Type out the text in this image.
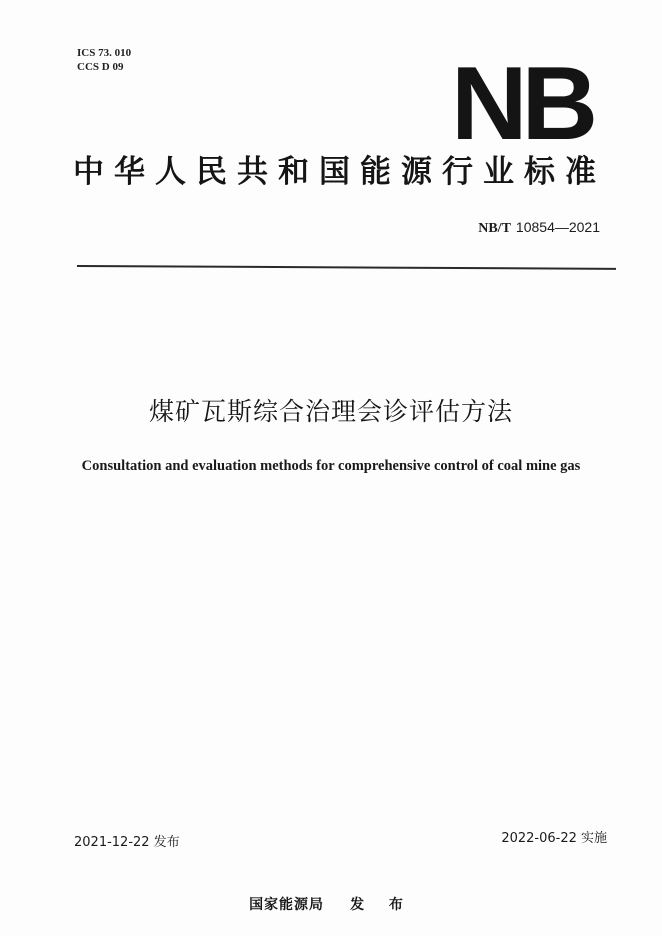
ICS 73. 010
CCS D 09	NB
中华人民共和国能源行业标准
NB/T 10854—2021
煤矿瓦斯综合治理会诊评估方法
Consultation and evaluation methods for comprehensive control of coal mine gas
2021-12-22 发布	2022-06-22 实施
国家能源局 发 布
